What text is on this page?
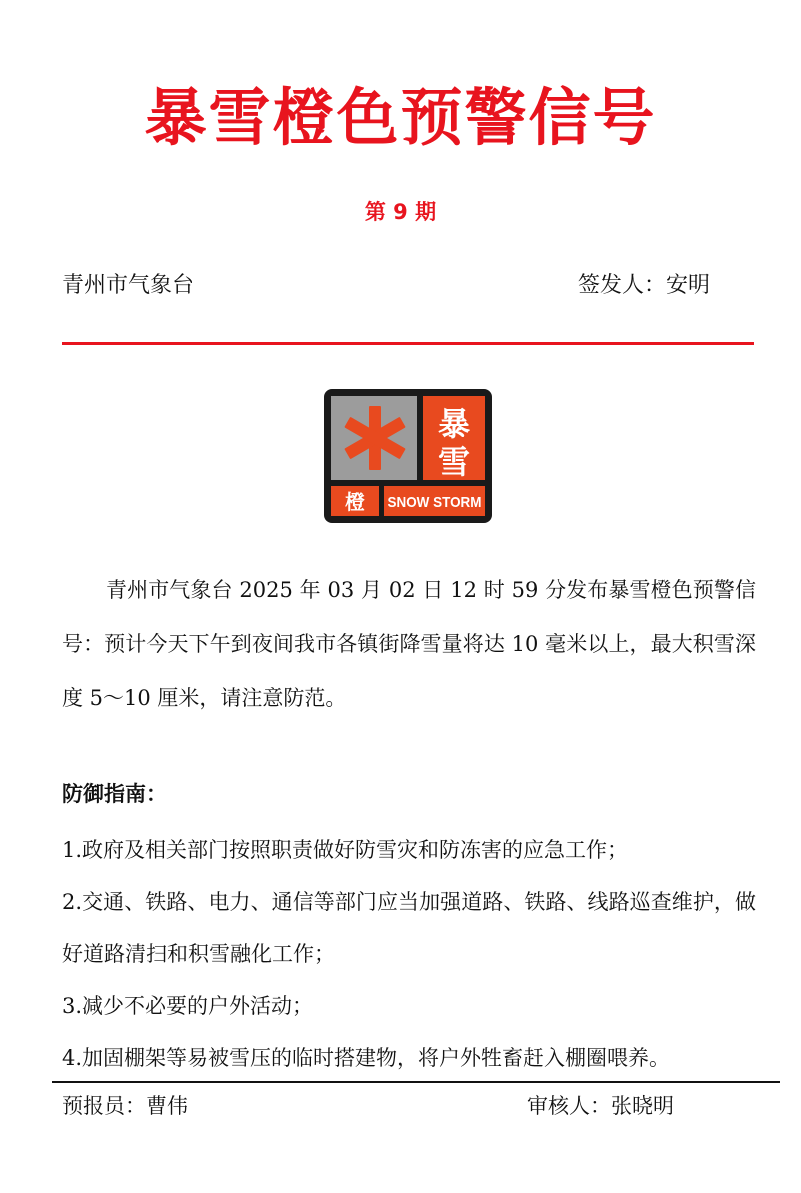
暴雪橙色预警信号
第 9 期
青州市气象台	签发人：安明
暴
雪
橙 SNOW STORM
青州市气象台 2025 年 03 月 02 日 12 时 59 分发布暴雪橙色预警信号：预计今天下午到夜间我市各镇街降雪量将达 10 毫米以上，最大积雪深度 5～10 厘米，请注意防范。
防御指南：
1.政府及相关部门按照职责做好防雪灾和防冻害的应急工作；
2.交通、铁路、电力、通信等部门应当加强道路、铁路、线路巡查维护，做好道路清扫和积雪融化工作；
3.减少不必要的户外活动；
4.加固棚架等易被雪压的临时搭建物，将户外牲畜赶入棚圈喂养。
预报员：曹伟	审核人：张晓明
